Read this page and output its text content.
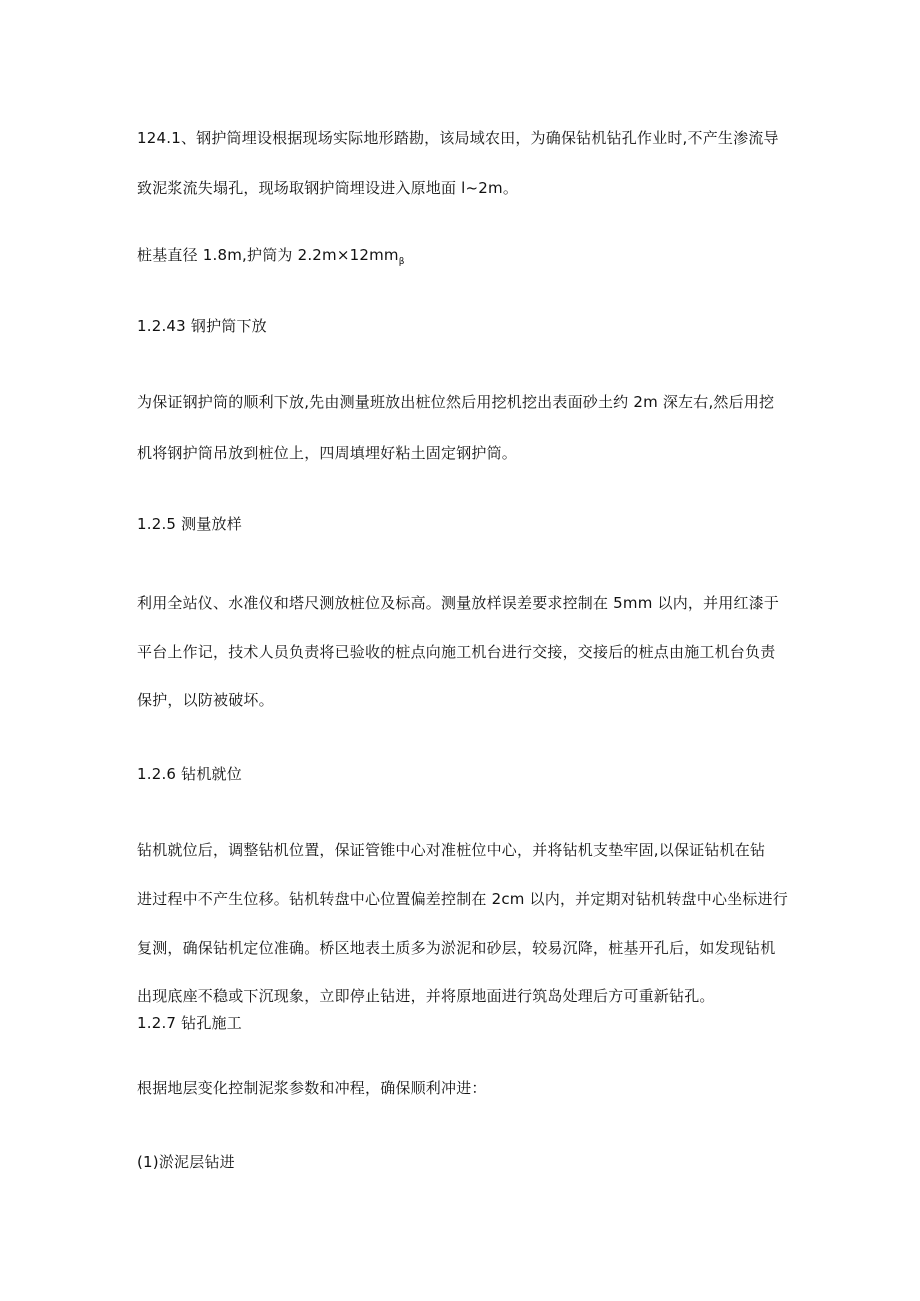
124.1、钢护筒埋设根据现场实际地形踏勘，该局域农田，为确保钻机钻孔作业时,不产生渗流导
致泥浆流失塌孔，现场取钢护筒埋设进入原地面 l~2m。
桩基直径 1.8m,护筒为 $2.2m\times 12mm_\beta$
1.2.43 钢护筒下放
为保证钢护筒的顺利下放,先由测量班放出桩位然后用挖机挖出表面砂土约 2m 深左右,然后用挖
机将钢护筒吊放到桩位上，四周填埋好粘土固定钢护筒。
1.2.5 测量放样
利用全站仪、水准仪和塔尺测放桩位及标高。测量放样误差要求控制在 5mm 以内，并用红漆于
平台上作记，技术人员负责将已验收的桩点向施工机台进行交接，交接后的桩点由施工机台负责
保护，以防被破坏。
1.2.6 钻机就位
钻机就位后，调整钻机位置，保证管锥中心对准桩位中心，并将钻机支垫牢固,以保证钻机在钻
进过程中不产生位移。钻机转盘中心位置偏差控制在 2cm 以内，并定期对钻机转盘中心坐标进行
复测，确保钻机定位准确。桥区地表土质多为淤泥和砂层，较易沉降，桩基开孔后，如发现钻机
出现底座不稳或下沉现象，立即停止钻进，并将原地面进行筑岛处理后方可重新钻孔。
1.2.7 钻孔施工
根据地层变化控制泥浆参数和冲程，确保顺利冲进：
(1)淤泥层钻进
